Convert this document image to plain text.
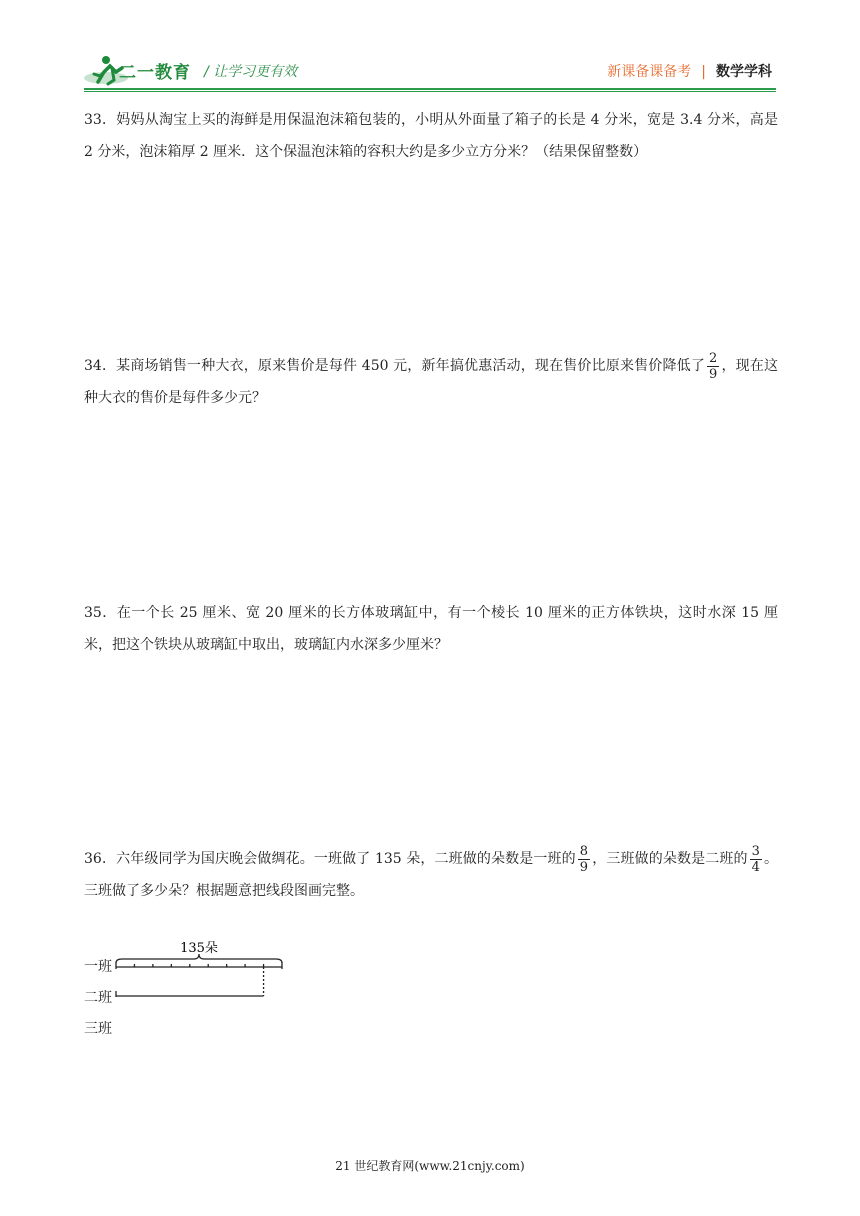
二一教育 / 让学习更有效	新课备课备考 | 数学学科

33．妈妈从淘宝上买的海鲜是用保温泡沫箱包装的，小明从外面量了箱子的长是 4 分米，宽是 3.4 分米，高是 2 分米，泡沫箱厚 2 厘米．这个保温泡沫箱的容积大约是多少立方分米？（结果保留整数）

34．某商场销售一种大衣，原来售价是每件 450 元，新年搞优惠活动，现在售价比原来售价降低了 $\frac{2}{9}$ ，现在这种大衣的售价是每件多少元？

35．在一个长 25 厘米、宽 20 厘米的长方体玻璃缸中，有一个棱长 10 厘米的正方体铁块，这时水深 15 厘米，把这个铁块从玻璃缸中取出，玻璃缸内水深多少厘米？

36．六年级同学为国庆晚会做绸花。一班做了 135 朵，二班做的朵数是一班的 $\frac{8}{9}$ ，三班做的朵数是二班的 $\frac{3}{4}$ 。三班做了多少朵？根据题意把线段图画完整。

一班
二班
三班
135朵
21 世纪教育网(www.21cnjy.com)
